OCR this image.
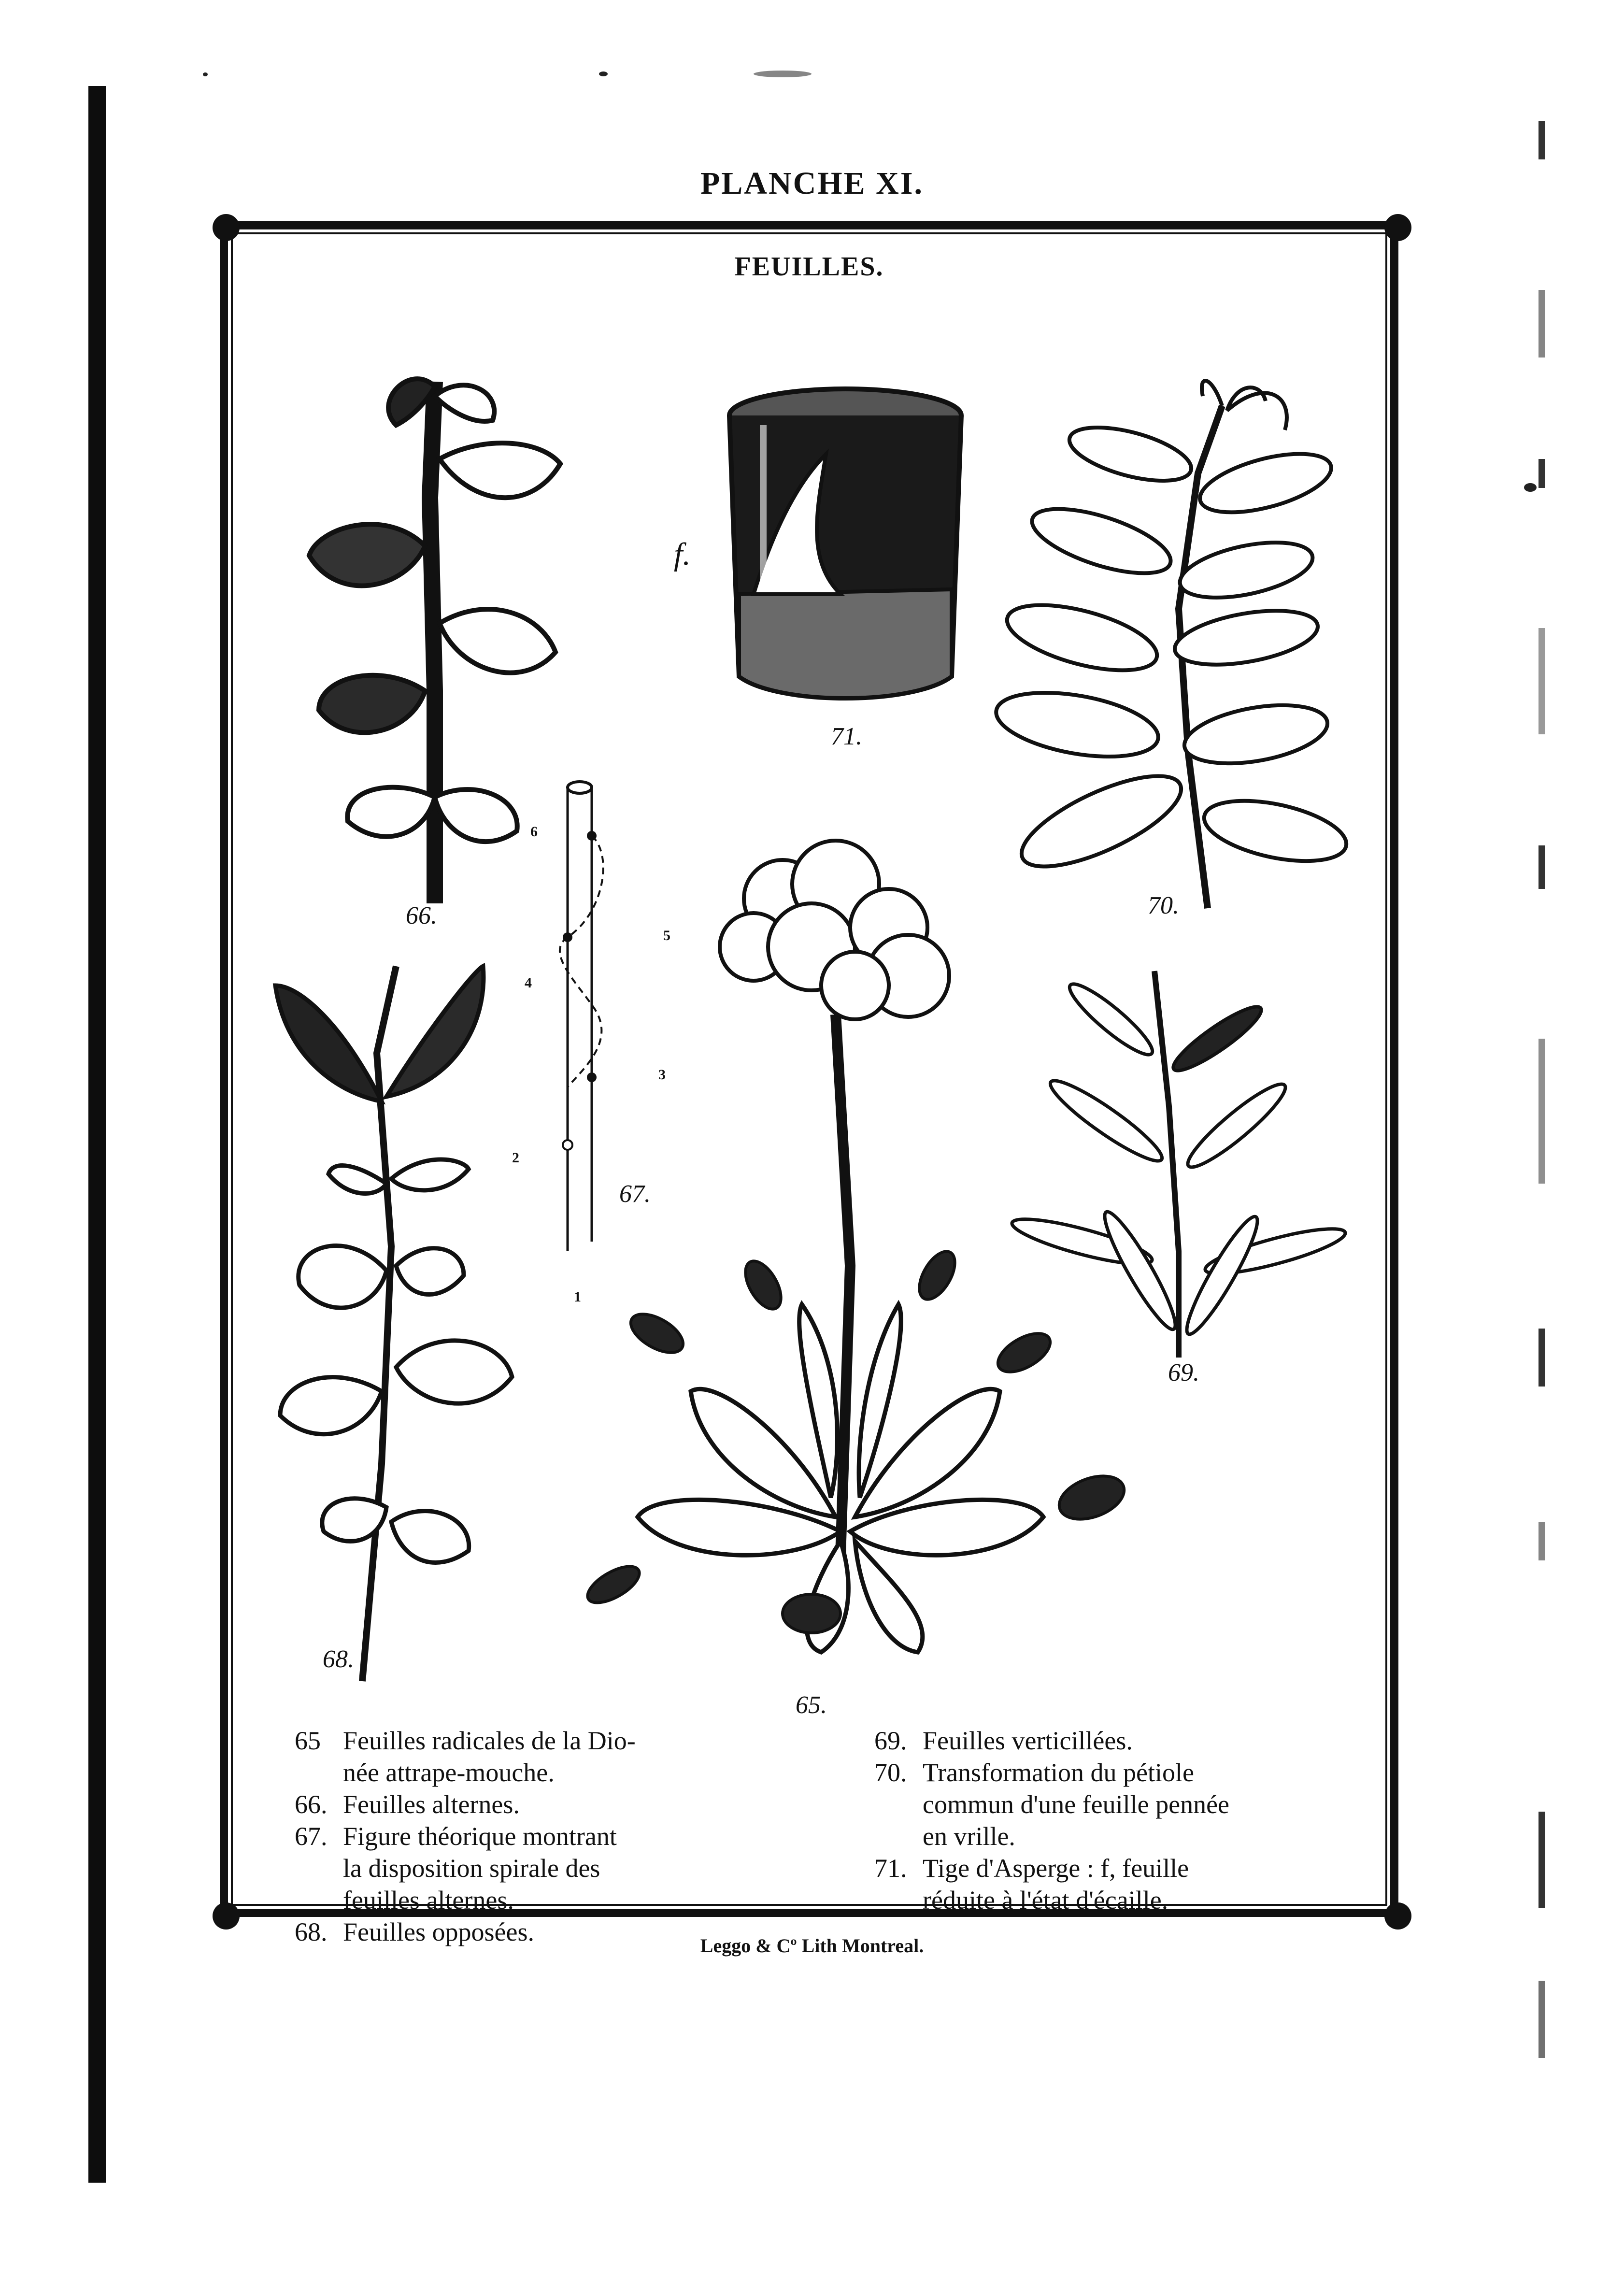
PLANCHE XI.
FEUILLES.
66.
f.
71.
70.
6
5
4
3
2
1
67.
68.
69.
65.
65 Feuilles radicales de la Dio-
née attrape-mouche.
66. Feuilles alternes.
67. Figure théorique montrant
la disposition spirale des
feuilles alternes.
68. Feuilles opposées.
69. Feuilles verticillées.
70. Transformation du pétiole
commun d'une feuille pennée
en vrille.
71. Tige d'Asperge : f, feuille
réduite à l'état d'écaille.
Leggo & Cº Lith Montreal.
